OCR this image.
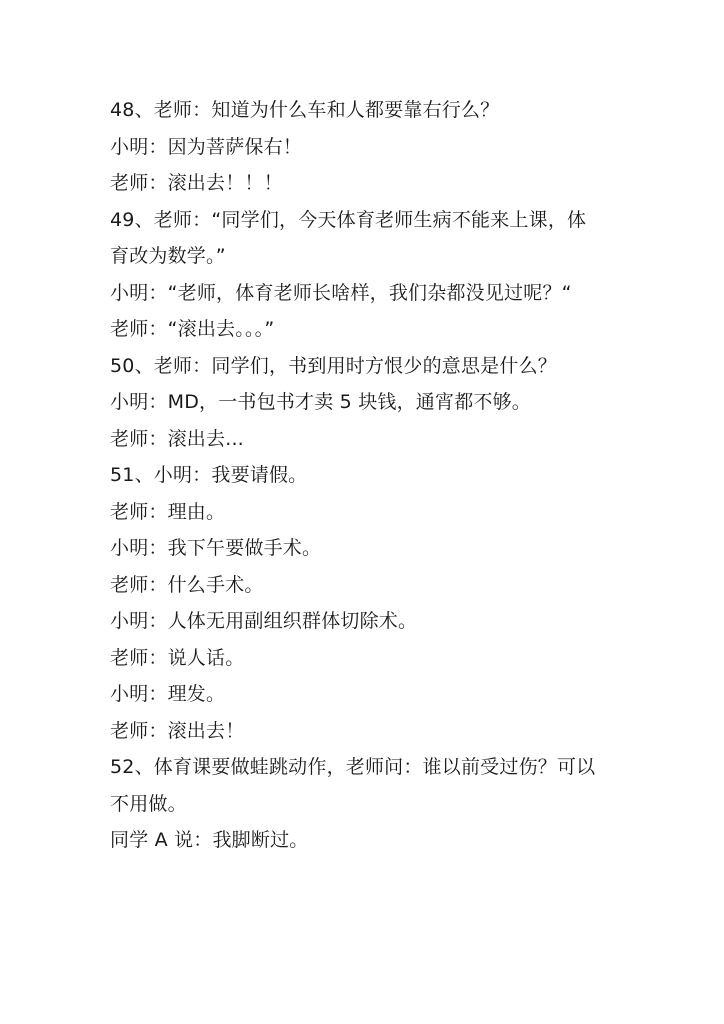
48、老师：知道为什么车和人都要靠右行么？
小明：因为菩萨保右！
老师：滚出去！！！
49、老师：“同学们，今天体育老师生病不能来上课，体
育改为数学。”
小明：“老师，体育老师长啥样，我们杂都没见过呢？“
老师：“滚出去。。。”
50、老师：同学们，书到用时方恨少的意思是什么？
小明：MD，一书包书才卖 5 块钱，通宵都不够。
老师：滚出去...
51、小明：我要请假。
老师：理由。
小明：我下午要做手术。
老师：什么手术。
小明：人体无用副组织群体切除术。
老师：说人话。
小明：理发。
老师：滚出去！
52、体育课要做蛙跳动作，老师问：谁以前受过伤？可以
不用做。
同学 A 说：我脚断过。
